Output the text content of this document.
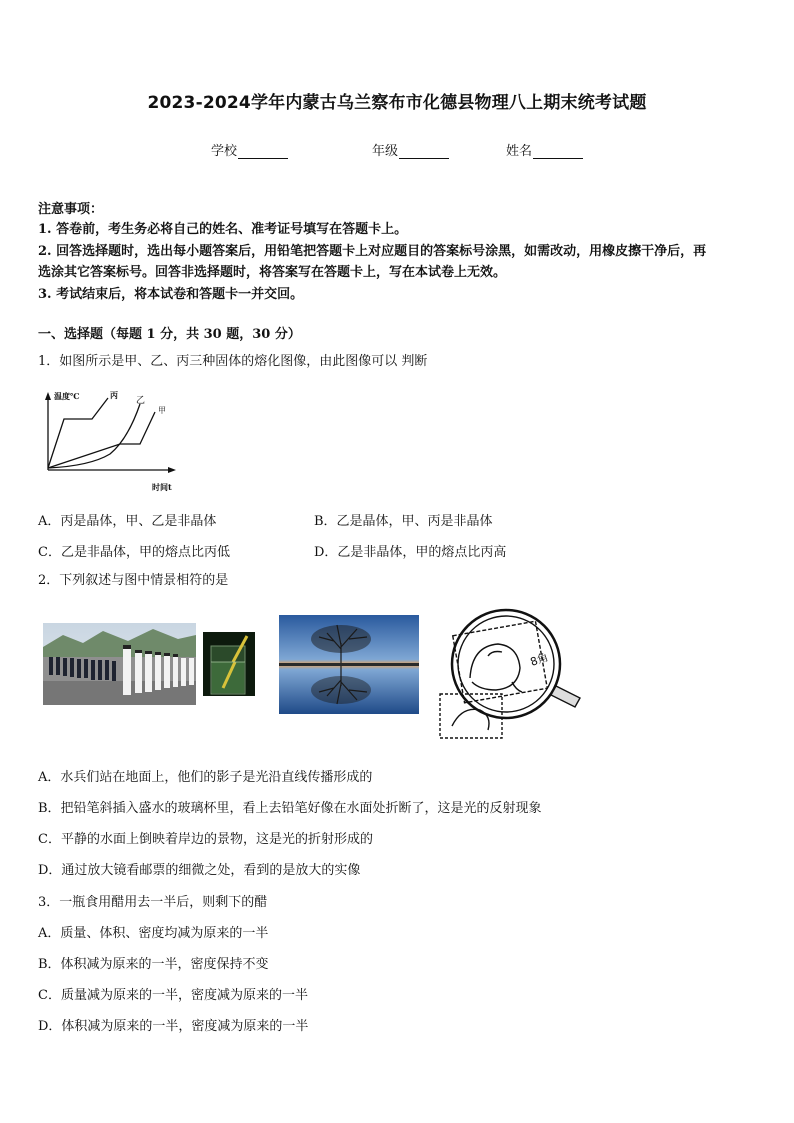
2023-2024学年内蒙古乌兰察布市化德县物理八上期末统考试题
学校	年级	姓名
注意事项：
1. 答卷前，考生务必将自己的姓名、准考证号填写在答题卡上。
2. 回答选择题时，选出每小题答案后，用铅笔把答题卡上对应题目的答案标号涂黑，如需改动，用橡皮擦干净后，再
选涂其它答案标号。回答非选择题时，将答案写在答题卡上，写在本试卷上无效。
3. 考试结束后，将本试卷和答题卡一并交回。
一、选择题（每题 1 分，共 30 题，30 分）
1．如图所示是甲、乙、丙三种固体的熔化图像，由此图像可以 判断
温度℃	丙
乙
甲
时间t
A．丙是晶体，甲、乙是非晶体	B．乙是晶体，甲、丙是非晶体
C．乙是非晶体，甲的熔点比丙低	D．乙是非晶体，甲的熔点比丙高
2．下列叙述与图中情景相符的是
8角
A．水兵们站在地面上，他们的影子是光沿直线传播形成的
B．把铅笔斜插入盛水的玻璃杯里，看上去铅笔好像在水面处折断了，这是光的反射现象
C．平静的水面上倒映着岸边的景物，这是光的折射形成的
D．通过放大镜看邮票的细微之处，看到的是放大的实像
3．一瓶食用醋用去一半后，则剩下的醋
A．质量、体积、密度均减为原来的一半
B．体积减为原来的一半，密度保持不变
C．质量减为原来的一半，密度减为原来的一半
D．体积减为原来的一半，密度减为原来的一半
